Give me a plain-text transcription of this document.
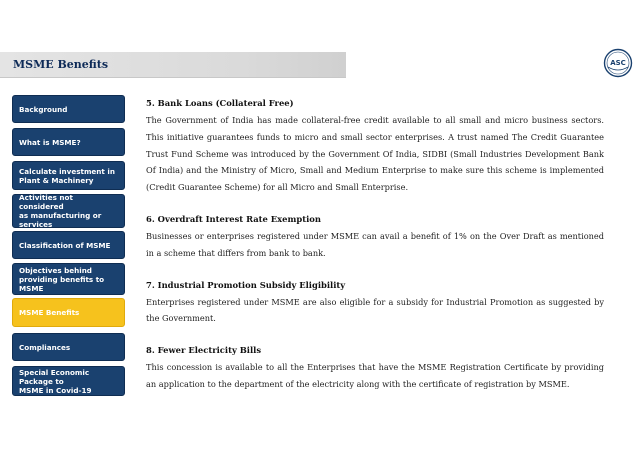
MSME Benefits	ASC
Background
What is MSME?
Calculate investment in
Plant & Machinery
Activities not considered
as manufacturing or
services
Classification of MSME
Objectives behind
providing benefits to
MSME
MSME Benefits
Compliances
Special Economic Package to
MSME in Covid-19
5. Bank Loans (Collateral Free)

The Government of India has made collateral-free credit available to all small and micro business sectors. This initiative guarantees funds to micro and small sector enterprises. A trust named The Credit Guarantee Trust Fund Scheme was introduced by the Government Of India, SIDBI (Small Industries Development Bank Of India) and the Ministry of Micro, Small and Medium Enterprise to make sure this scheme is implemented (Credit Guarantee Scheme) for all Micro and Small Enterprise.

6. Overdraft Interest Rate Exemption

Businesses or enterprises registered under MSME can avail a benefit of 1% on the Over Draft as mentioned in a scheme that differs from bank to bank.

7. Industrial Promotion Subsidy Eligibility

Enterprises registered under MSME are also eligible for a subsidy for Industrial Promotion as suggested by the Government.

8. Fewer Electricity Bills

This concession is available to all the Enterprises that have the MSME Registration Certificate by providing an application to the department of the electricity along with the certificate of registration by MSME.
